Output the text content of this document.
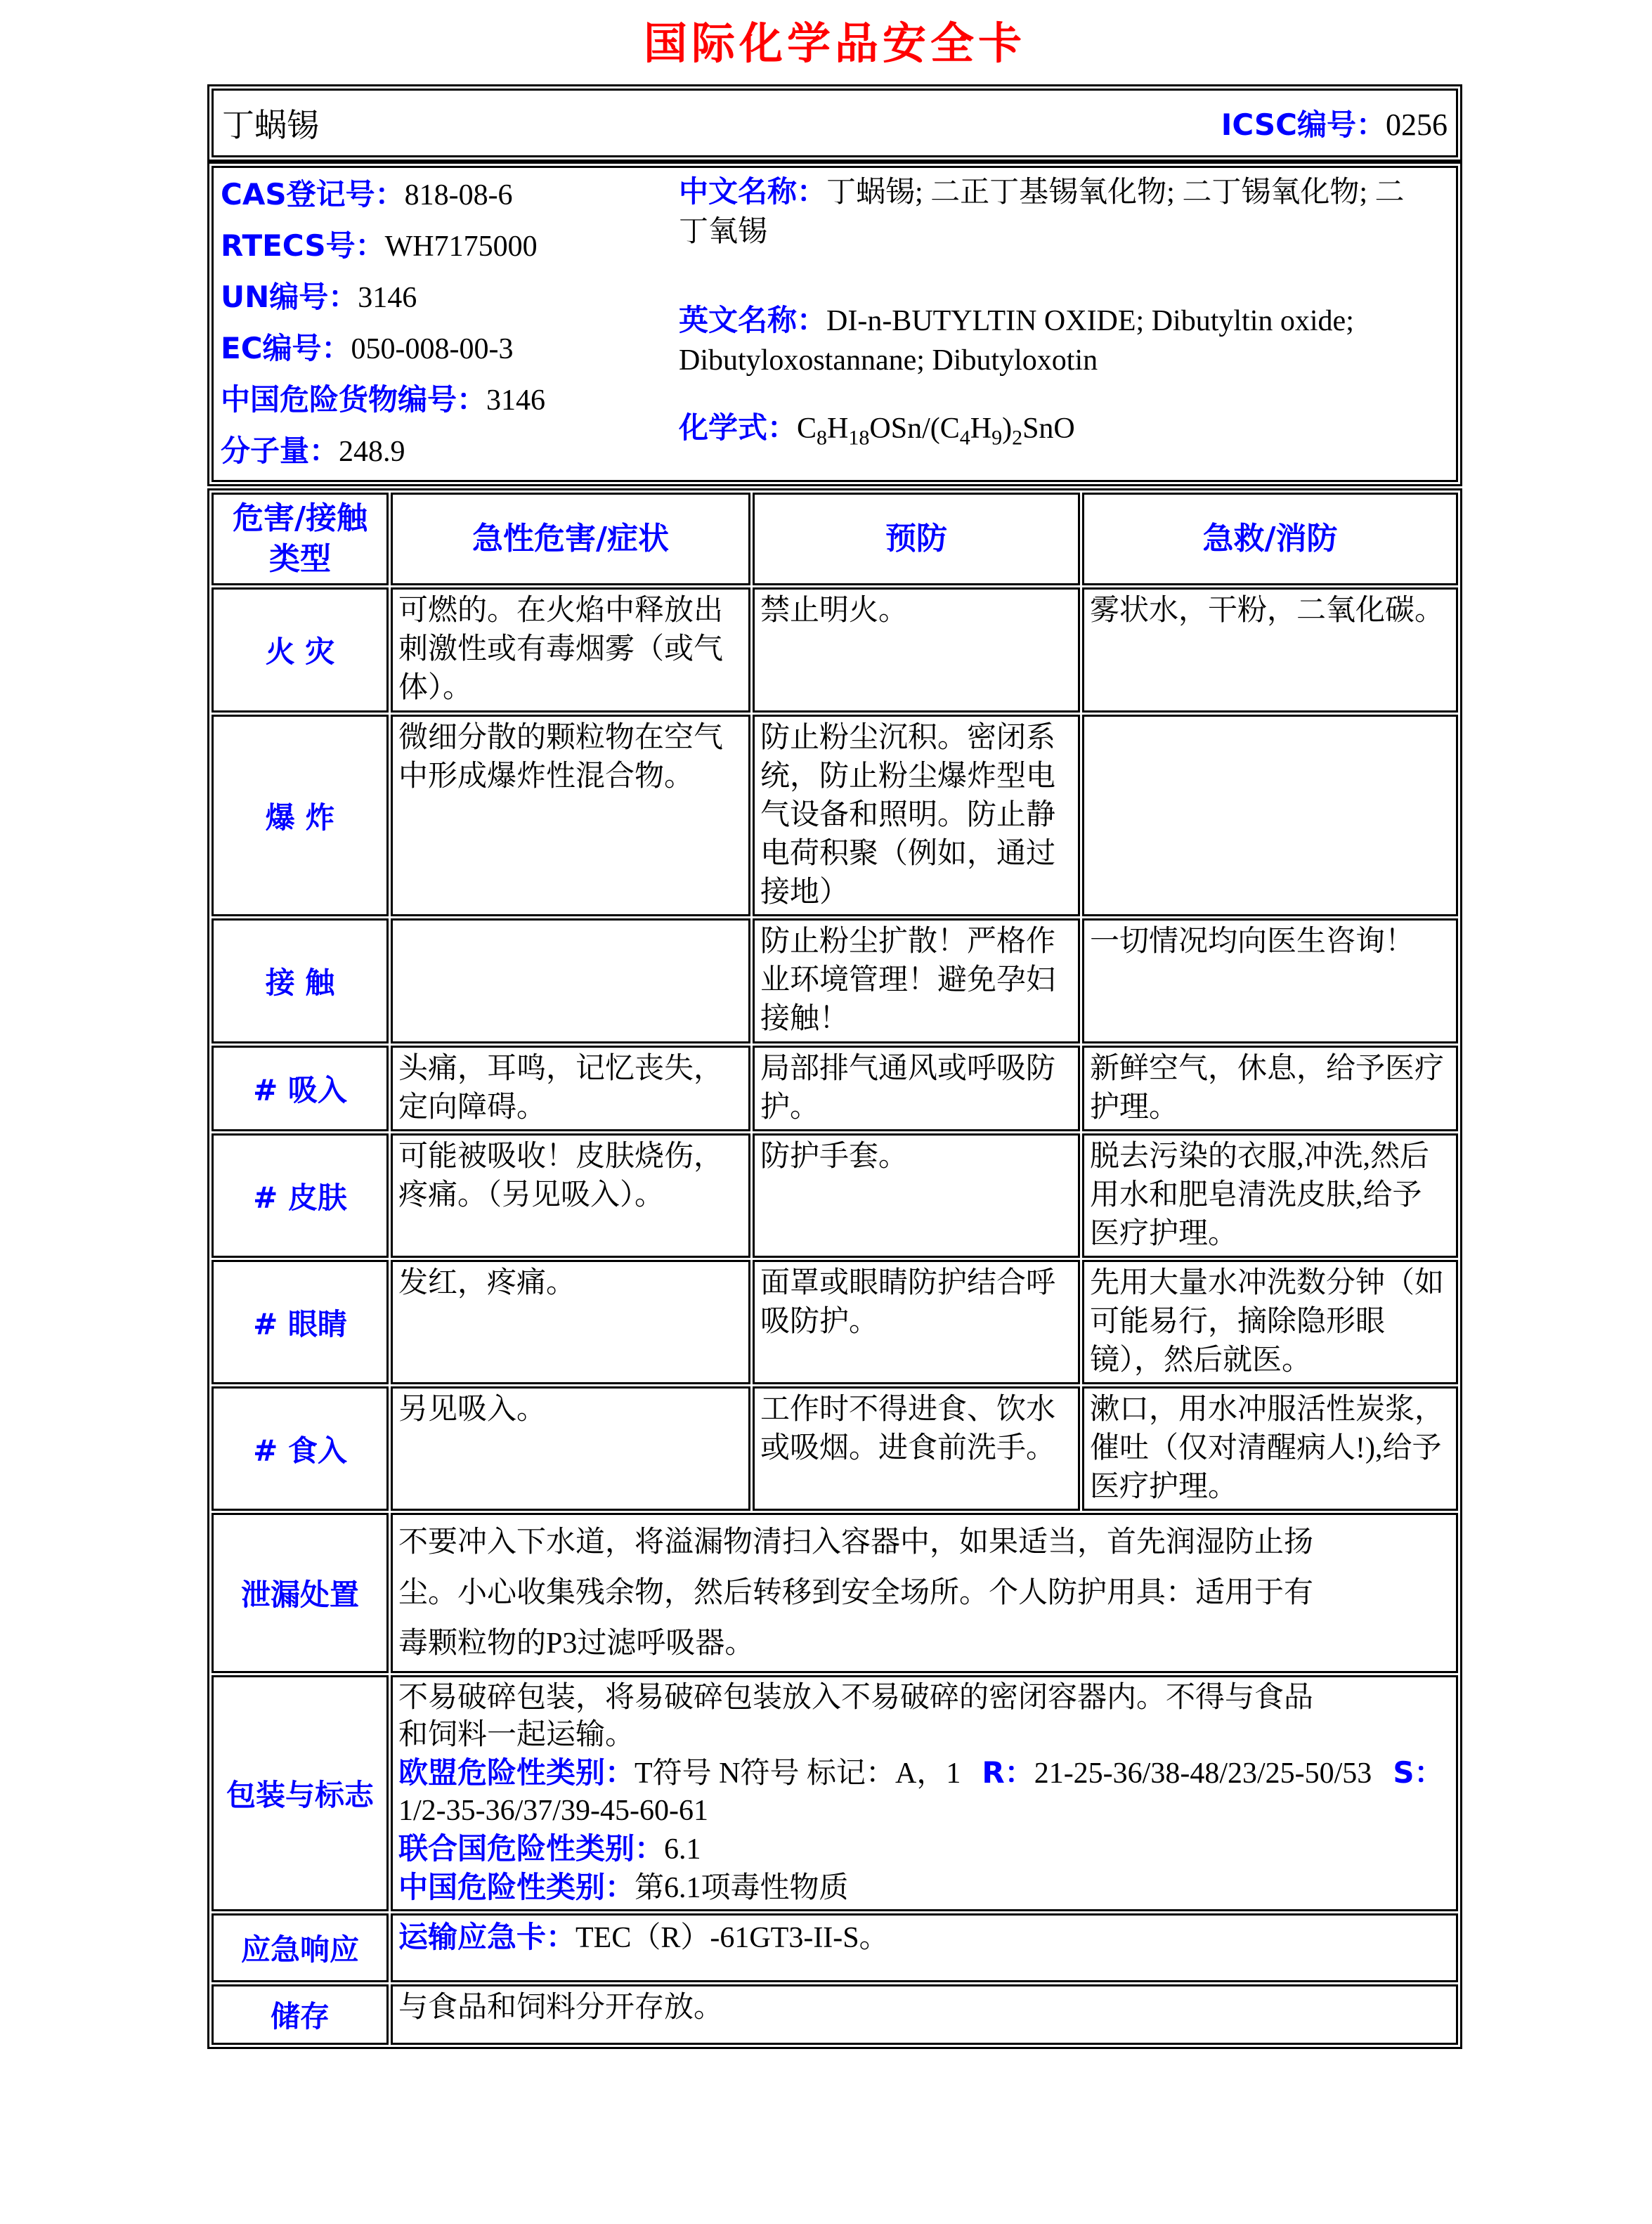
国际化学品安全卡
丁蜗锡	ICSC编号：0256
CAS登记号：818-08-6
RTECS号：WH7175000
UN编号：3146
EC编号：050-008-00-3
中国危险货物编号：3146
分子量：248.9
中文名称：丁蜗锡; 二正丁基锡氧化物; 二丁锡氧化物; 二丁氧锡
英文名称：DI-n-BUTYLTIN OXIDE; Dibutyltin oxide; Dibutyloxostannane; Dibutyloxotin
化学式：$C_8H_{18}OSn/(C_4H_9)_2SnO$
危害/接触类型	急性危害/症状	预防	急救/消防
火 灾	可燃的。在火焰中释放出刺激性或有毒烟雾（或气体）。	禁止明火。	雾状水，干粉，二氧化碳。
爆 炸	微细分散的颗粒物在空气中形成爆炸性混合物。	防止粉尘沉积。密闭系统，防止粉尘爆炸型电气设备和照明。防止静电荷积聚（例如，通过接地）	
接 触		防止粉尘扩散！严格作业环境管理！避免孕妇接触！	一切情况均向医生咨询！
# 吸入	头痛，耳鸣，记忆丧失，定向障碍。	局部排气通风或呼吸防护。	新鲜空气，休息，给予医疗护理。
# 皮肤	可能被吸收！皮肤烧伤，疼痛。（另见吸入）。	防护手套。	脱去污染的衣服,冲洗,然后用水和肥皂清洗皮肤,给予医疗护理。
# 眼睛	发红，疼痛。	面罩或眼睛防护结合呼吸防护。	先用大量水冲洗数分钟（如可能易行，摘除隐形眼镜），然后就医。
# 食入	另见吸入。	工作时不得进食、饮水或吸烟。进食前洗手。	漱口，用水冲服活性炭浆，催吐（仅对清醒病人!),给予医疗护理。
泄漏处置	不要冲入下水道，将溢漏物清扫入容器中，如果适当，首先润湿防止扬尘。小心收集残余物，然后转移到安全场所。个人防护用具：适用于有毒颗粒物的P3过滤呼吸器。		

包装与标志	不易破碎包装，将易破碎包装放入不易破碎的密闭容器内。不得与食品和饲料一起运输。
欧盟危险性类别：T符号 N符号 标记：A，1 R：21-25-36/38-48/23/25-50/53 S：1/2-35-36/37/39-45-60-61
联合国危险性类别：6.1
中国危险性类别：第6.1项毒性物质		

应急响应	运输应急卡：TEC（R）-61GT3-II-S。		
储存	与食品和饲料分开存放。		
